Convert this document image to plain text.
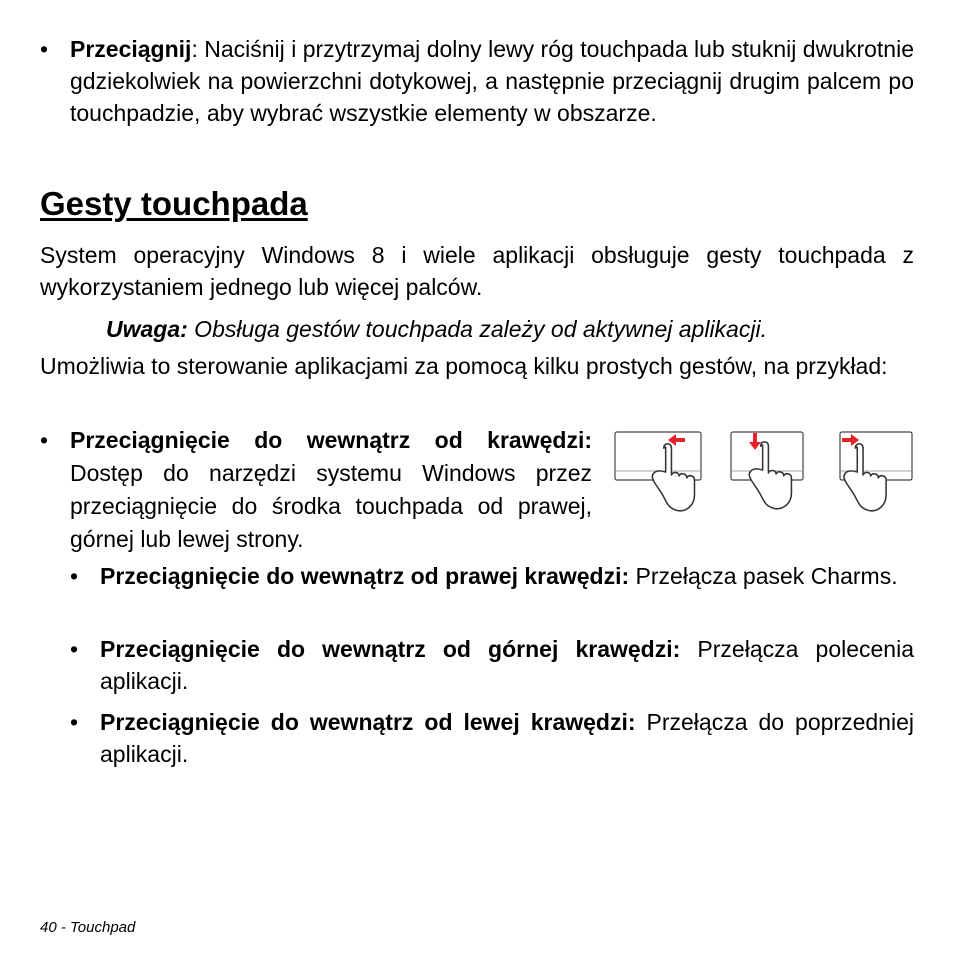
• Przeciągnij: Naciśnij i przytrzymaj dolny lewy róg touchpada lub stuknij dwukrotnie gdziekolwiek na powierzchni dotykowej, a następnie przeciągnij drugim palcem po touchpadzie, aby wybrać wszystkie elementy w obszarze.
Gesty touchpada
System operacyjny Windows 8 i wiele aplikacji obsługuje gesty touchpada z wykorzystaniem jednego lub więcej palców.
Uwaga: Obsługa gestów touchpada zależy od aktywnej aplikacji.
Umożliwia to sterowanie aplikacjami za pomocą kilku prostych gestów, na przykład:
• Przeciągnięcie do wewnątrz od krawędzi: Dostęp do narzędzi systemu Windows przez przeciągnięcie do środka touchpada od prawej, górnej lub lewej strony.
• Przeciągnięcie do wewnątrz od prawej krawędzi: Przełącza pasek Charms.
• Przeciągnięcie do wewnątrz od górnej krawędzi: Przełącza polecenia aplikacji.
• Przeciągnięcie do wewnątrz od lewej krawędzi: Przełącza do poprzedniej aplikacji.
40 - Touchpad
